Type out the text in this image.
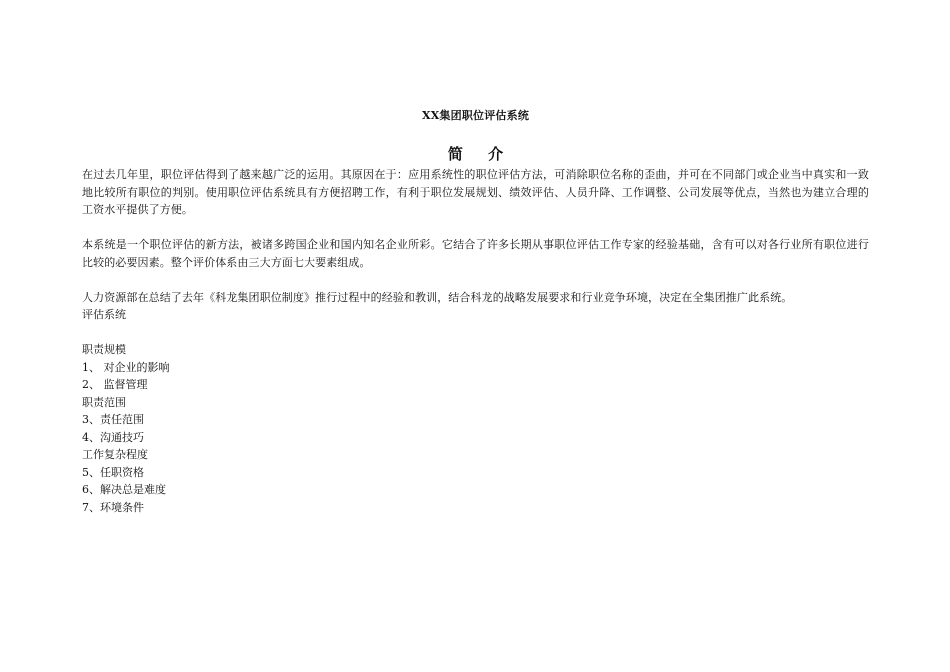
XX集团职位评估系统
简 介

在过去几年里，职位评估得到了越来越广泛的运用。其原因在于：应用系统性的职位评估方法，可消除职位名称的歪曲，并可在不同部门或企业当中真实和一致地比较所有职位的判别。使用职位评估系统具有方便招聘工作，有利于职位发展规划、绩效评估、人员升降、工作调整、公司发展等优点，当然也为建立合理的工资水平提供了方便。

本系统是一个职位评估的新方法，被诸多跨国企业和国内知名企业所彩。它结合了许多长期从事职位评估工作专家的经验基础，含有可以对各行业所有职位进行比较的必要因素。整个评价体系由三大方面七大要素组成。

人力资源部在总结了去年《科龙集团职位制度》推行过程中的经验和教训，结合科龙的战略发展要求和行业竞争环境，决定在全集团推广此系统。

评估系统

职责规模

1、 对企业的影响

2、 监督管理

职责范围

3、责任范围

4、沟通技巧

工作复杂程度

5、任职资格

6、解决总是难度

7、环境条件
